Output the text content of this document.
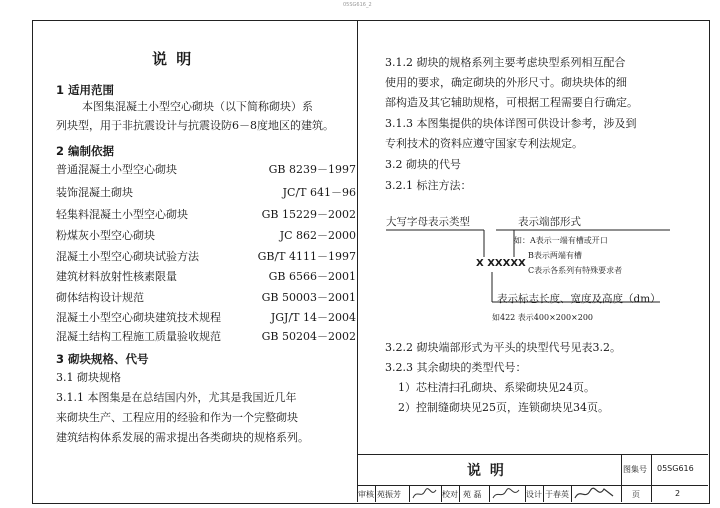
05SG616_2
说 明
1 适用范围
本图集混凝土小型空心砌块（以下简称砌块）系
列块型，用于非抗震设计与抗震设防6－8度地区的建筑。
2 编制依据
普通混凝土小型空心砌块	GB 8239－1997
装饰混凝土砌块	JC/T 641－96
轻集料混凝土小型空心砌块	GB 15229－2002
粉煤灰小型空心砌块	JC 862－2000
混凝土小型空心砌块试验方法	GB/T 4111－1997
建筑材料放射性核素限量	GB 6566－2001
砌体结构设计规范	GB 50003－2001
混凝土小型空心砌块建筑技术规程	JGJ/T 14－2004
混凝土结构工程施工质量验收规范	GB 50204－2002
3 砌块规格、代号
3.1 砌块规格
3.1.1 本图集是在总结国内外，尤其是我国近几年
来砌块生产、工程应用的经验和作为一个完整砌块
建筑结构体系发展的需求提出各类砌块的规格系列。
3.1.2 砌块的规格系列主要考虑块型系列相互配合
使用的要求，确定砌块的外形尺寸。砌块块体的细
部构造及其它辅助规格，可根据工程需要自行确定。
3.1.3 本图集提供的块体详图可供设计参考，涉及到
专利技术的资料应遵守国家专利法规定。
3.2 砌块的代号
3.2.1 标注方法：
大写字母表示类型	表示端部形式
如：A表示一端有槽或开口
B表示两端有槽
C表示各系列有特殊要求者
X XXXXX
表示标志长度、宽度及高度（dm）
如422 表示400×200×200
3.2.2 砌块端部形式为平头的块型代号见表3.2。
3.2.3 其余砌块的类型代号：
1）芯柱清扫孔砌块、系梁砌块见24页。
2）控制缝砌块见25页，连锁砌块见34页。
说 明	图集号 05SG616
审核 苑振芳	校对 苑 磊	设计 于春英	页	2
